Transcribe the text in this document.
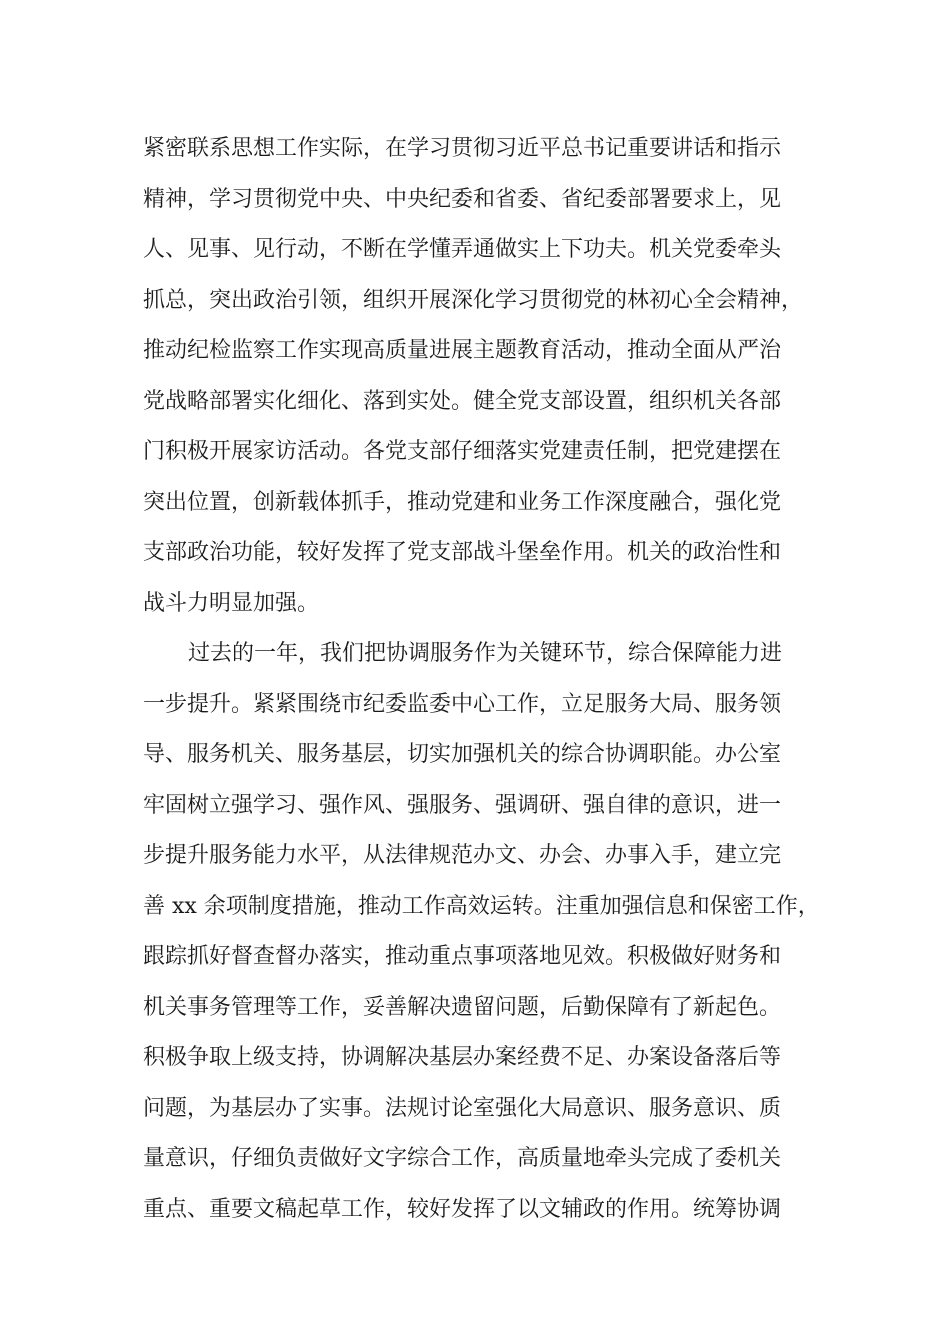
紧密联系思想工作实际，在学习贯彻习近平总书记重要讲话和指示
精神，学习贯彻党中央、中央纪委和省委、省纪委部署要求上，见
人、见事、见行动，不断在学懂弄通做实上下功夫。机关党委牵头
抓总，突出政治引领，组织开展深化学习贯彻党的林初心全会精神，
推动纪检监察工作实现高质量进展主题教育活动，推动全面从严治
党战略部署实化细化、落到实处。健全党支部设置，组织机关各部
门积极开展家访活动。各党支部仔细落实党建责任制，把党建摆在
突出位置，创新载体抓手，推动党建和业务工作深度融合，强化党
支部政治功能，较好发挥了党支部战斗堡垒作用。机关的政治性和
战斗力明显加强。
过去的一年，我们把协调服务作为关键环节，综合保障能力进
一步提升。紧紧围绕市纪委监委中心工作，立足服务大局、服务领
导、服务机关、服务基层，切实加强机关的综合协调职能。办公室
牢固树立强学习、强作风、强服务、强调研、强自律的意识，进一
步提升服务能力水平，从法律规范办文、办会、办事入手，建立完
善 xx 余项制度措施，推动工作高效运转。注重加强信息和保密工作，
跟踪抓好督查督办落实，推动重点事项落地见效。积极做好财务和
机关事务管理等工作，妥善解决遗留问题，后勤保障有了新起色。
积极争取上级支持，协调解决基层办案经费不足、办案设备落后等
问题，为基层办了实事。法规讨论室强化大局意识、服务意识、质
量意识，仔细负责做好文字综合工作，高质量地牵头完成了委机关
重点、重要文稿起草工作，较好发挥了以文辅政的作用。统筹协调
